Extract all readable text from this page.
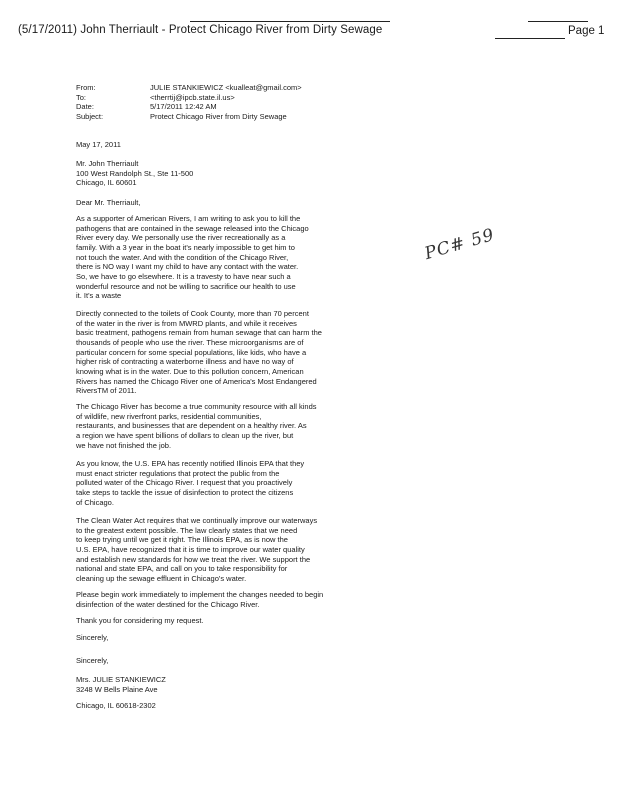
(5/17/2011) John Therriault - Protect Chicago River from Dirty Sewage	Page 1
From:	JULIE STANKIEWICZ <kualleat@gmail.com>
To:	<therrtij@ipcb.state.il.us>
Date:	5/17/2011 12:42 AM
Subject:	Protect Chicago River from Dirty Sewage
May 17, 2011
Mr. John Therriault
100 West Randolph St., Ste 11-500
Chicago, IL 60601
Dear Mr. Therriault,
As a supporter of American Rivers, I am writing to ask you to kill the
pathogens that are contained in the sewage released into the Chicago
River every day. We personally use the river recreationally as a
family. With a 3 year in the boat it's nearly impossible to get him to
not touch the water. And with the condition of the Chicago River,
there is NO way I want my child to have any contact with the water.
So, we have to go elsewhere. It is a travesty to have near such a
wonderful resource and not be willing to sacrifice our health to use
it. It's a waste
PC# 59
Directly connected to the toilets of Cook County, more than 70 percent
of the water in the river is from MWRD plants, and while it receives
basic treatment, pathogens remain from human sewage that can harm the
thousands of people who use the river. These microorganisms are of
particular concern for some special populations, like kids, who have a
higher risk of contracting a waterborne illness and have no way of
knowing what is in the water. Due to this pollution concern, American
Rivers has named the Chicago River one of America's Most Endangered
RiversTM of 2011.
The Chicago River has become a true community resource with all kinds
of wildlife, new riverfront parks, residential communities,
restaurants, and businesses that are dependent on a healthy river. As
a region we have spent billions of dollars to clean up the river, but
we have not finished the job.
As you know, the U.S. EPA has recently notified Illinois EPA that they
must enact stricter regulations that protect the public from the
polluted water of the Chicago River. I request that you proactively
take steps to tackle the issue of disinfection to protect the citizens
of Chicago.
The Clean Water Act requires that we continually improve our waterways
to the greatest extent possible. The law clearly states that we need
to keep trying until we get it right. The Illinois EPA, as is now the
U.S. EPA, have recognized that it is time to improve our water quality
and establish new standards for how we treat the river. We support the
national and state EPA, and call on you to take responsibility for
cleaning up the sewage effluent in Chicago's water.
Please begin work immediately to implement the changes needed to begin
disinfection of the water destined for the Chicago River.
Thank you for considering my request.
Sincerely,
Sincerely,
Mrs. JULIE STANKIEWICZ
3248 W Bells Plaine Ave
Chicago, IL 60618-2302
